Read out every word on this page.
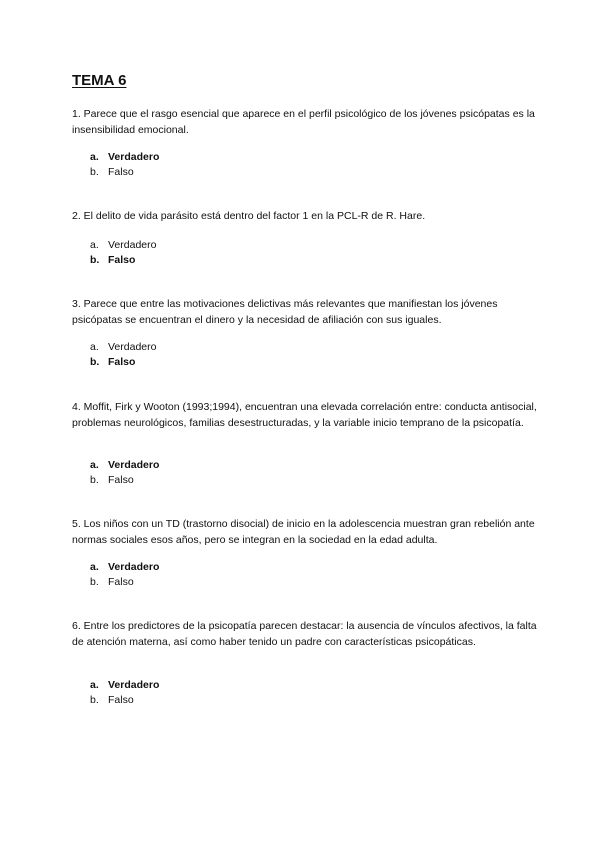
TEMA 6
1. Parece que el rasgo esencial que aparece en el perfil psicológico de los jóvenes psicópatas es la insensibilidad emocional.
a. Verdadero
b. Falso
2. El delito de vida parásito está dentro del factor 1 en la PCL-R de R. Hare.
a. Verdadero
b. Falso
3. Parece que entre las motivaciones delictivas más relevantes que manifiestan los jóvenes psicópatas se encuentran el dinero y la necesidad de afiliación con sus iguales.
a. Verdadero
b. Falso
4. Moffit, Firk y Wooton (1993;1994), encuentran una elevada correlación entre: conducta antisocial, problemas neurológicos, familias desestructuradas, y la variable inicio temprano de la psicopatía.
a. Verdadero
b. Falso
5. Los niños con un TD (trastorno disocial) de inicio en la adolescencia muestran gran rebelión ante normas sociales esos años, pero se integran en la sociedad en la edad adulta.
a. Verdadero
b. Falso
6. Entre los predictores de la psicopatía parecen destacar: la ausencia de vínculos afectivos, la falta de atención materna, así como haber tenido un padre con características psicopáticas.
a. Verdadero
b. Falso
